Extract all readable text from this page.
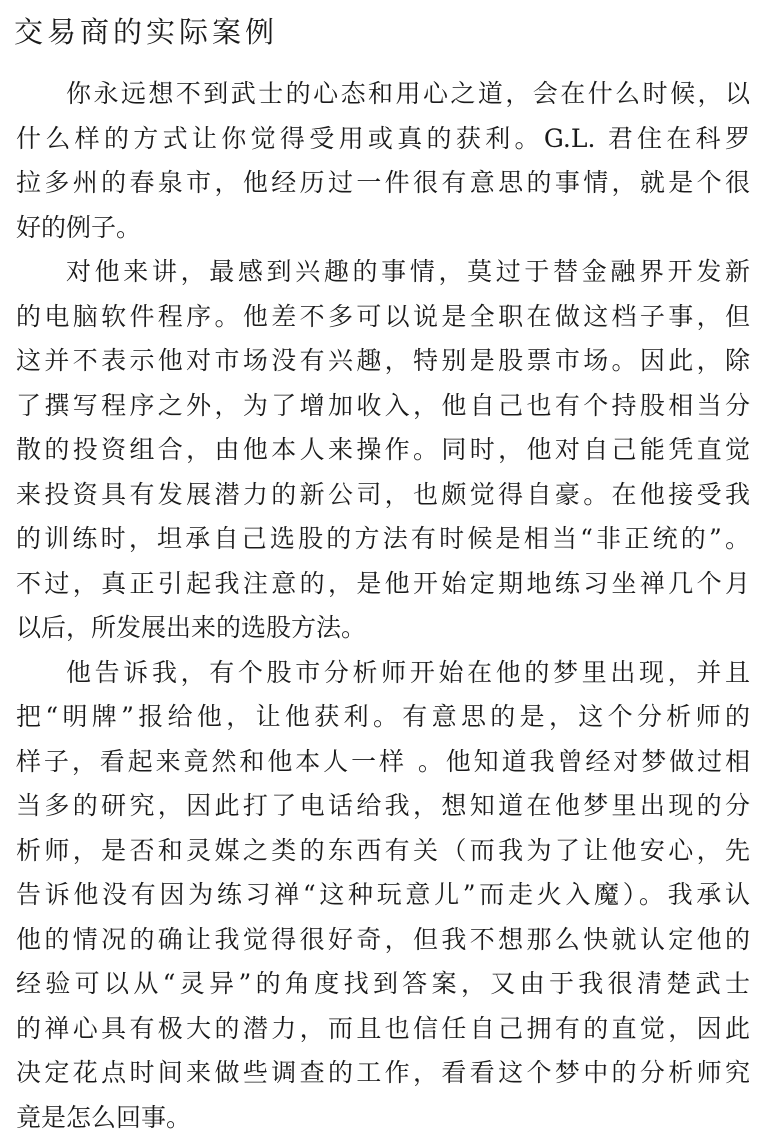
交易商的实际案例
你永远想不到武士的心态和用心之道，会在什么时候，以
什么样的方式让你觉得受用或真的获利。G.L. 君住在科罗
拉多州的春泉市，他经历过一件很有意思的事情，就是个很
好的例子。
对他来讲，最感到兴趣的事情，莫过于替金融界开发新
的电脑软件程序。他差不多可以说是全职在做这档子事，但
这并不表示他对市场没有兴趣，特别是股票市场。因此，除
了撰写程序之外，为了增加收入，他自己也有个持股相当分
散的投资组合，由他本人来操作。同时，他对自己能凭直觉
来投资具有发展潜力的新公司，也颇觉得自豪。在他接受我
的训练时，坦承自己选股的方法有时候是相当“非正统的”。
不过，真正引起我注意的，是他开始定期地练习坐禅几个月
以后，所发展出来的选股方法。
他告诉我，有个股市分析师开始在他的梦里出现，并且
把“明牌”报给他，让他获利。有意思的是，这个分析师的
样子，看起来竟然和他本人一样 。他知道我曾经对梦做过相
当多的研究，因此打了电话给我，想知道在他梦里出现的分
析师，是否和灵媒之类的东西有关（而我为了让他安心，先
告诉他没有因为练习禅“这种玩意儿”而走火入魔）。我承认
他的情况的确让我觉得很好奇，但我不想那么快就认定他的
经验可以从“灵异”的角度找到答案，又由于我很清楚武士
的禅心具有极大的潜力，而且也信任自己拥有的直觉，因此
决定花点时间来做些调查的工作，看看这个梦中的分析师究
竟是怎么回事。
